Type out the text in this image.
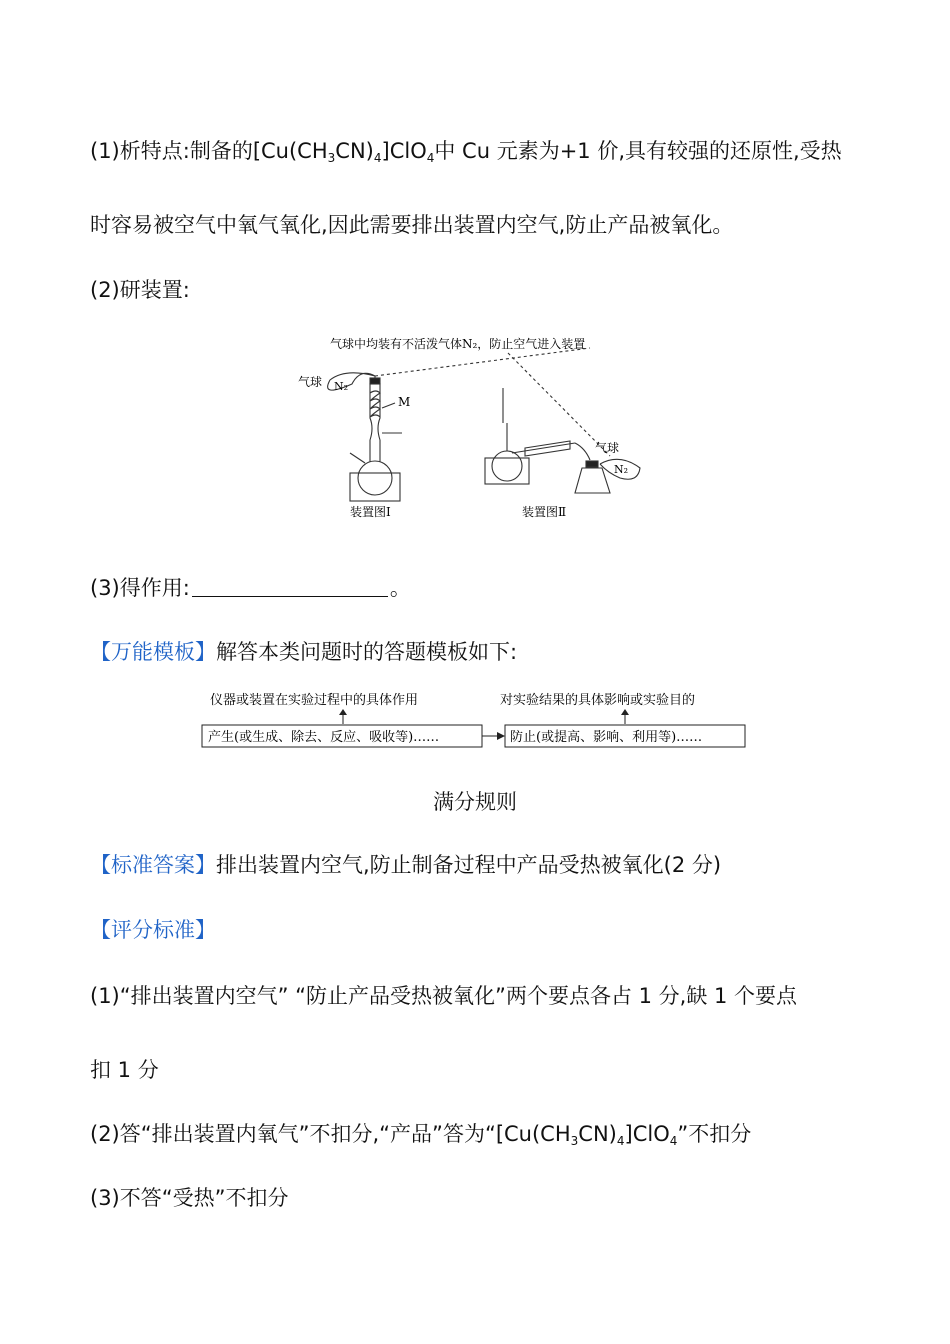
(1)析特点:制备的$[Cu(CH_3CN)_4]ClO_4$中 Cu 元素为+1 价,具有较强的还原性,受热
时容易被空气中氧气氧化,因此需要排出装置内空气,防止产品被氧化。
(2)研装置:
气球中均装有不活泼气体N₂，防止空气进入装置
气球 N₂
M
气球
N₂
装置图Ⅰ	装置图Ⅱ
(3)得作用:	。
【万能模板】解答本类问题时的答题模板如下:
仪器或装置在实验过程中的具体作用	对实验结果的具体影响或实验目的
产生(或生成、除去、反应、吸收等)……	防止(或提高、影响、利用等)……
满分规则
【标准答案】排出装置内空气,防止制备过程中产品受热被氧化(2 分)
【评分标准】
(1)“排出装置内空气” “防止产品受热被氧化”两个要点各占 1 分,缺 1 个要点
扣 1 分
(2)答“排出装置内氧气”不扣分,“产品”答为“$[Cu(CH_3CN)_4]ClO_4$”不扣分
(3)不答“受热”不扣分
